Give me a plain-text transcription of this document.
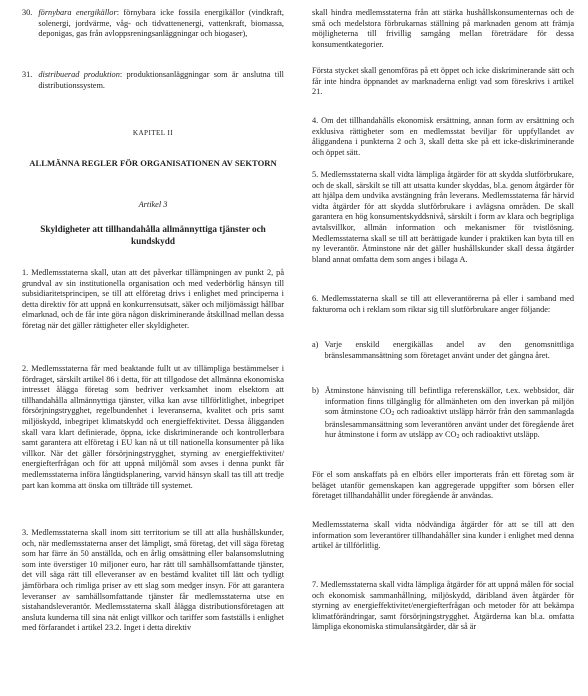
30. förnybara energikällor: förnybara icke fossila energikällor (vindkraft, solenergi, jordvärme, våg- och tidvattenenergi, vattenkraft, biomassa, deponigas, gas från avloppsreningsanläggningar och biogaser),
31. distribuerad produktion: produktionsanläggningar som är anslutna till distributionssystem.

KAPITEL II

ALLMÄNNA REGLER FÖR ORGANISATIONEN AV SEKTORN

Artikel 3

Skyldigheter att tillhandahålla allmännyttiga tjänster och kundskydd

1. Medlemsstaterna skall, utan att det påverkar tillämpningen av punkt 2, på grundval av sin institutionella organisation och med vederbörlig hänsyn till subsidiaritetsprincipen, se till att elföretag drivs i enlighet med principerna i detta direktiv för att uppnå en konkurrensutsatt, säker och miljömässigt hållbar elmarknad, och de får inte göra någon diskriminerande åtskillnad mellan dessa företag när det gäller rättigheter eller skyldigheter.

2. Medlemsstaterna får med beaktande fullt ut av tillämpliga bestämmelser i fördraget, särskilt artikel 86 i detta, för att tillgodose det allmänna ekonomiska intresset ålägga företag som bedriver verksamhet inom elsektorn att tillhandahålla allmännyttiga tjänster, vilka kan avse tillförlitlighet, inbegripet försörjningstrygghet, regelbundenhet i leveranserna, kvalitet och pris samt miljöskydd, inbegripet klimatskydd och energieffektivitet. Dessa åligganden skall vara klart definierade, öppna, icke diskriminerande och kontrollerbara samt garantera att elföretag i EU kan nå ut till nationella konsumenter på lika villkor. När det gäller försörjningstrygghet, styrning av energieffektivitet/ energiefterfrågan och för att uppnå miljömål som avses i denna punkt får medlemsstaterna införa långtidsplanering, varvid hänsyn skall tas till att tredje part kan komma att önska om tillträde till systemet.

3. Medlemsstaterna skall inom sitt territorium se till att alla hushållskunder, och, när medlemsstaterna anser det lämpligt, små företag, det vill säga företag som har färre än 50 anställda, och en årlig omsättning eller balansomslutning som inte överstiger 10 miljoner euro, har rätt till samhällsomfattande tjänster, det vill säga rätt till elleveranser av en bestämd kvalitet till lätt och tydligt jämförbara och rimliga priser av ett slag som medger insyn. För att garantera leveranser av samhällsomfattande tjänster får medlemsstaterna utse en sistahandsleverantör. Medlemsstaterna skall ålägga distributionsföretagen att ansluta kunderna till sina nät enligt villkor och tariffer som fastställs i enlighet med förfarandet i artikel 23.2. Inget i detta direktiv

skall hindra medlemsstaterna från att stärka hushållskonsumenternas och de små och medelstora förbrukarnas ställning på marknaden genom att främja möjligheterna till frivillig samgång mellan företrädare för dessa konsumentkategorier.

Första stycket skall genomföras på ett öppet och icke diskriminerande sätt och får inte hindra öppnandet av marknaderna enligt vad som föreskrivs i artikel 21.

4. Om det tillhandahålls ekonomisk ersättning, annan form av ersättning och exklusiva rättigheter som en medlemsstat beviljar för uppfyllandet av åliggandena i punkterna 2 och 3, skall detta ske på ett icke-diskriminerande och öppet sätt.

5. Medlemsstaterna skall vidta lämpliga åtgärder för att skydda slutförbrukare, och de skall, särskilt se till att utsatta kunder skyddas, bl.a. genom åtgärder för att hjälpa dem undvika avstängning från leverans. Medlemsstaterna får härvid vidta åtgärder för att skydda slutförbrukare i avlägsna områden. De skall garantera en hög konsumentskyddsnivå, särskilt i form av klara och begripliga avtalsvillkor, allmän information och mekanismer för tvistlösning. Medlemsstaterna skall se till att berättigade kunder i praktiken kan byta till en ny leverantör. Åtminstone när det gäller hushållskunder skall dessa åtgärder bland annat omfatta dem som anges i bilaga A.

6. Medlemsstaterna skall se till att elleverantörerna på eller i samband med fakturorna och i reklam som riktar sig till slutförbrukare anger följande:

a) Varje enskild energikällas andel av den genomsnittliga bränslesammansättning som företaget använt under det gångna året.
b) Åtminstone hänvisning till befintliga referenskällor, t.ex. webbsidor, där information finns tillgänglig för allmänheten om den inverkan på miljön som åtminstone CO2 och radioaktivt utsläpp härrör från den sammanlagda bränslesammansättning som leverantören använt under det föregående året hur åtminstone i form av utsläpp av CO2 och radioaktivt utsläpp.

För el som anskaffats på en elbörs eller importerats från ett företag som är beläget utanför gemenskapen kan aggregerade uppgifter som börsen eller företaget tillhandahållit under föregående år användas.

Medlemsstaterna skall vidta nödvändiga åtgärder för att se till att den information som leverantörer tillhandahåller sina kunder i enlighet med denna artikel är tillförlitlig.

7. Medlemsstaterna skall vidta lämpliga åtgärder för att uppnå målen för social och ekonomisk sammanhållning, miljöskydd, däribland även åtgärder för styrning av energieffektivitet/energiefterfrågan och metoder för att bekämpa klimatförändringar, samt försörjningstrygghet. Åtgärderna kan bl.a. omfatta lämpliga ekonomiska stimulansåtgärder, där så är
